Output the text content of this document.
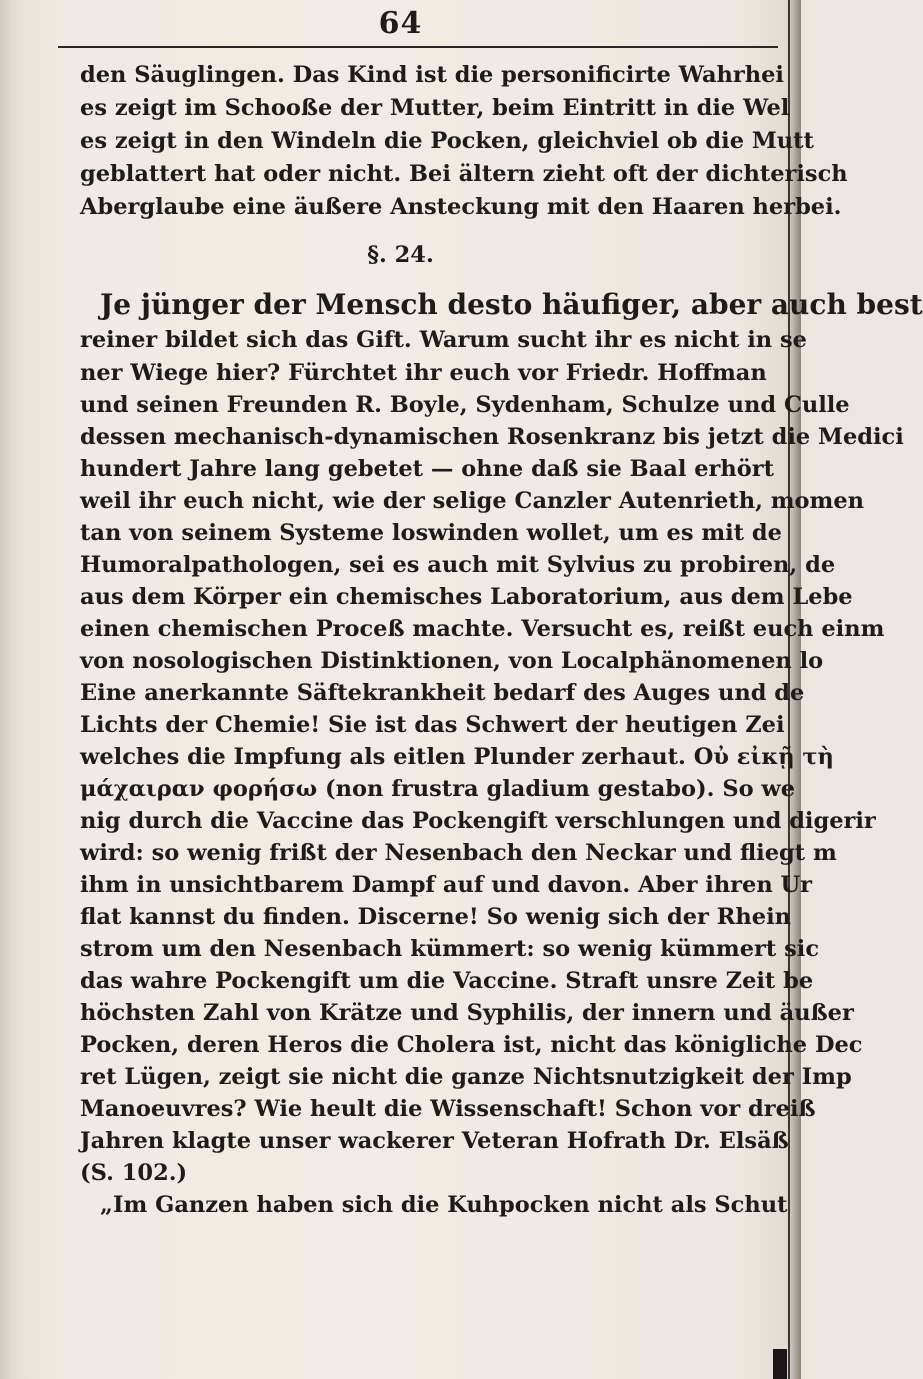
64
den Säuglingen. Das Kind ist die personificirte Wahrhei
es zeigt im Schooße der Mutter, beim Eintritt in die Wel
es zeigt in den Windeln die Pocken, gleichviel ob die Mutt
geblattert hat oder nicht. Bei ältern zieht oft der dichterisch
Aberglaube eine äußere Ansteckung mit den Haaren herbei.
§. 24.
Je jünger der Mensch desto häufiger, aber auch best
reiner bildet sich das Gift. Warum sucht ihr es nicht in se
ner Wiege hier? Fürchtet ihr euch vor Friedr. Hoffman
und seinen Freunden R. Boyle, Sydenham, Schulze und Culle
dessen mechanisch-dynamischen Rosenkranz bis jetzt die Medici
hundert Jahre lang gebetet — ohne daß sie Baal erhört
weil ihr euch nicht, wie der selige Canzler Autenrieth, momen
tan von seinem Systeme loswinden wollet, um es mit de
Humoralpathologen, sei es auch mit Sylvius zu probiren, de
aus dem Körper ein chemisches Laboratorium, aus dem Lebe
einen chemischen Proceß machte. Versucht es, reißt euch einm
von nosologischen Distinktionen, von Localphänomenen lo
Eine anerkannte Säftekrankheit bedarf des Auges und de
Lichts der Chemie! Sie ist das Schwert der heutigen Zei
welches die Impfung als eitlen Plunder zerhaut. Οὐ εἰκῇ τὴ
μάχαιραν φορήσω (non frustra gladium gestabo). So we
nig durch die Vaccine das Pockengift verschlungen und digerir
wird: so wenig frißt der Nesenbach den Neckar und fliegt m
ihm in unsichtbarem Dampf auf und davon. Aber ihren Ur
flat kannst du finden. Discerne! So wenig sich der Rhein
strom um den Nesenbach kümmert: so wenig kümmert sic
das wahre Pockengift um die Vaccine. Straft unsre Zeit be
höchsten Zahl von Krätze und Syphilis, der innern und äußer
Pocken, deren Heros die Cholera ist, nicht das königliche Dec
ret Lügen, zeigt sie nicht die ganze Nichtsnutzigkeit der Imp
Manoeuvres? Wie heult die Wissenschaft! Schon vor dreiß
Jahren klagte unser wackerer Veteran Hofrath Dr. Elsäß
(S. 102.)
„Im Ganzen haben sich die Kuhpocken nicht als Schut
